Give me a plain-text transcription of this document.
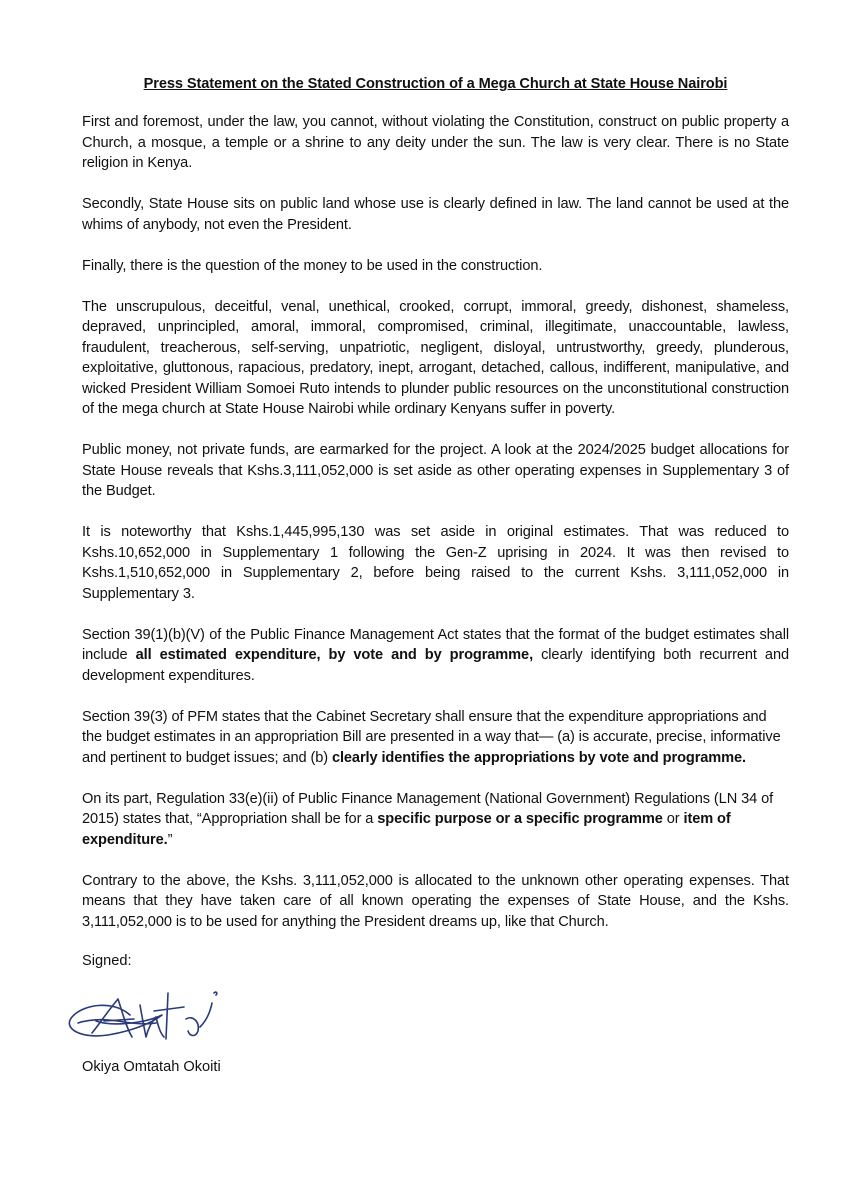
Press Statement on the Stated Construction of a Mega Church at State House Nairobi

First and foremost, under the law, you cannot, without violating the Constitution, construct on public property a Church, a mosque, a temple or a shrine to any deity under the sun. The law is very clear. There is no State religion in Kenya.

Secondly, State House sits on public land whose use is clearly defined in law. The land cannot be used at the whims of anybody, not even the President.

Finally, there is the question of the money to be used in the construction.

The unscrupulous, deceitful, venal, unethical, crooked, corrupt, immoral, greedy, dishonest, shameless, depraved, unprincipled, amoral, immoral, compromised, criminal, illegitimate, unaccountable, lawless, fraudulent, treacherous, self-serving, unpatriotic, negligent, disloyal, untrustworthy, greedy, plunderous, exploitative, gluttonous, rapacious, predatory, inept, arrogant, detached, callous, indifferent, manipulative, and wicked President William Somoei Ruto intends to plunder public resources on the unconstitutional construction of the mega church at State House Nairobi while ordinary Kenyans suffer in poverty.

Public money, not private funds, are earmarked for the project. A look at the 2024/2025 budget allocations for State House reveals that Kshs.3,111,052,000 is set aside as other operating expenses in Supplementary 3 of the Budget.

It is noteworthy that Kshs.1,445,995,130 was set aside in original estimates. That was reduced to Kshs.10,652,000 in Supplementary 1 following the Gen-Z uprising in 2024. It was then revised to Kshs.1,510,652,000 in Supplementary 2, before being raised to the current Kshs. 3,111,052,000 in Supplementary 3.

Section 39(1)(b)(V) of the Public Finance Management Act states that the format of the budget estimates shall include all estimated expenditure, by vote and by programme, clearly identifying both recurrent and development expenditures.

Section 39(3) of PFM states that the Cabinet Secretary shall ensure that the expenditure appropriations and the budget estimates in an appropriation Bill are presented in a way that— (a) is accurate, precise, informative and pertinent to budget issues; and (b) clearly identifies the appropriations by vote and programme.

On its part, Regulation 33(e)(ii) of Public Finance Management (National Government) Regulations (LN 34 of 2015) states that, “Appropriation shall be for a specific purpose or a specific programme or item of expenditure.”

Contrary to the above, the Kshs. 3,111,052,000 is allocated to the unknown other operating expenses. That means that they have taken care of all known operating the expenses of State House, and the Kshs. 3,111,052,000 is to be used for anything the President dreams up, like that Church.

Signed:

Okiya Omtatah Okoiti
